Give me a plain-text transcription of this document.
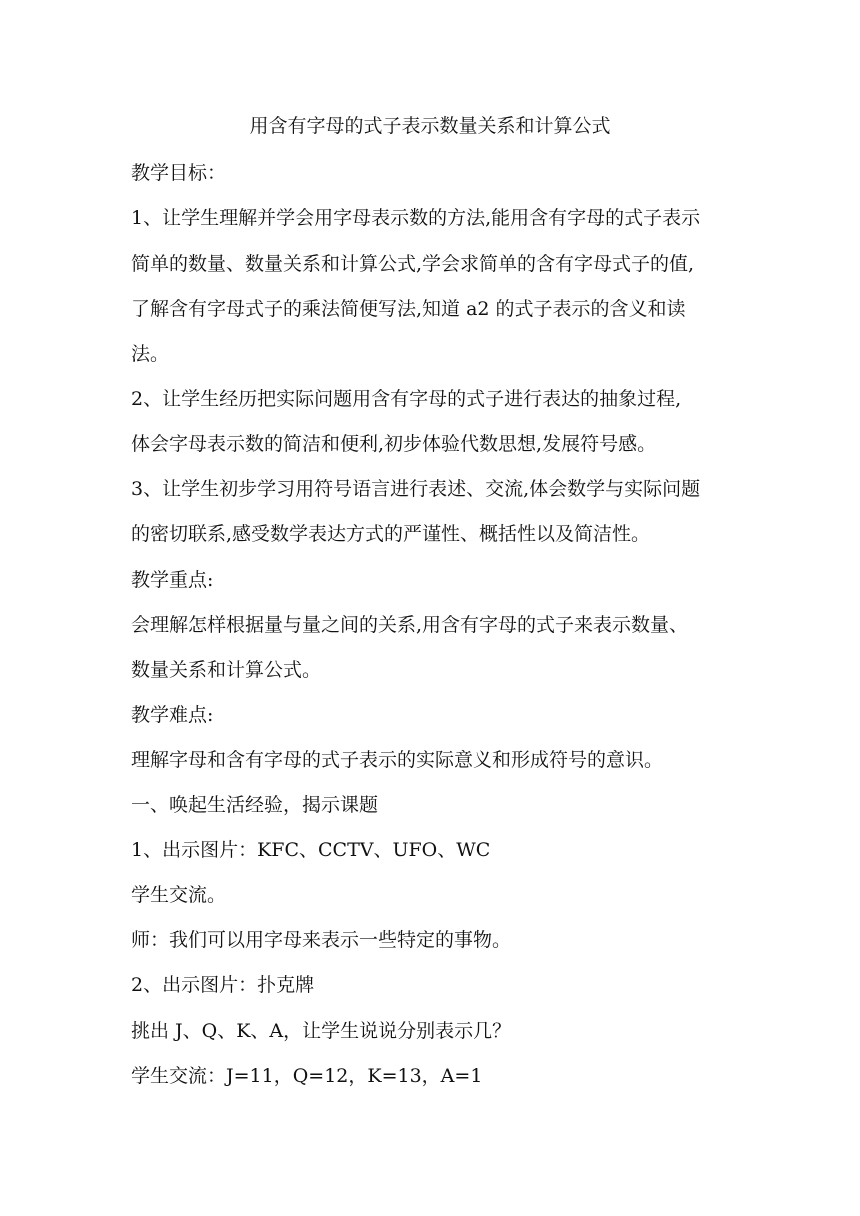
用含有字母的式子表示数量关系和计算公式
教学目标：
1、让学生理解并学会用字母表示数的方法,能用含有字母的式子表示
简单的数量、数量关系和计算公式,学会求简单的含有字母式子的值,
了解含有字母式子的乘法简便写法,知道 a2 的式子表示的含义和读
法。
2、让学生经历把实际问题用含有字母的式子进行表达的抽象过程,
体会字母表示数的简洁和便利,初步体验代数思想,发展符号感。
3、让学生初步学习用符号语言进行表述、交流,体会数学与实际问题
的密切联系,感受数学表达方式的严谨性、概括性以及简洁性。
教学重点:
会理解怎样根据量与量之间的关系,用含有字母的式子来表示数量、
数量关系和计算公式。
教学难点:
理解字母和含有字母的式子表示的实际意义和形成符号的意识。
一、唤起生活经验，揭示课题
1、出示图片：KFC、CCTV、UFO、WC
学生交流。
师：我们可以用字母来表示一些特定的事物。
2、出示图片：扑克牌
挑出 J、Q、K、A，让学生说说分别表示几？
学生交流：J=11，Q=12，K=13，A=1
